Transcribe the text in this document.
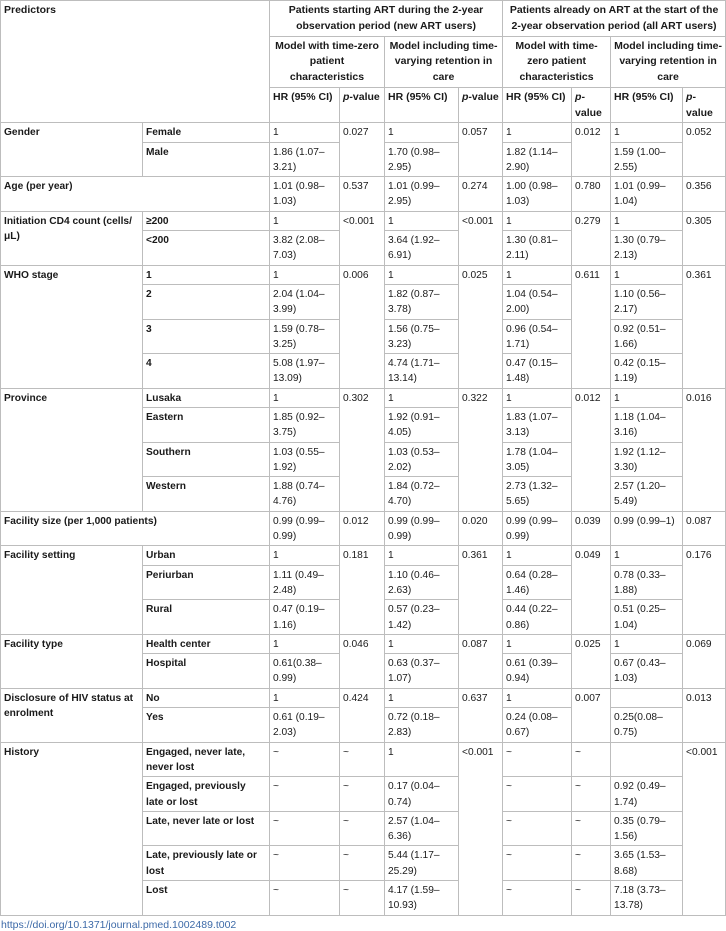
Predictors		Patients starting ART during the 2-year observation period (new ART users)				Patients already on ART at the start of the 2-year observation period (all ART users)			
		Model with time-zero patient characteristics		Model including time-varying retention in care		Model with time-zero patient characteristics		Model including time-varying retention in care	
		HR (95% CI)	p-value	HR (95% CI)	p-value	HR (95% CI)	p-value	HR (95% CI)	p-value
Gender	Female	1	0.027	1	0.057	1	0.012	1	0.052
	Male	1.86 (1.07–3.21)		1.70 (0.98–2.95)		1.82 (1.14–2.90)		1.59 (1.00–2.55)	
Age (per year)		1.01 (0.98–1.03)	0.537	1.01 (0.99–2.95)	0.274	1.00 (0.98–1.03)	0.780	1.01 (0.99–1.04)	0.356
Initiation CD4 count (cells/μL)	≥200	1	<0.001	1	<0.001	1	0.279	1	0.305
	<200	3.82 (2.08–7.03)		3.64 (1.92–6.91)		1.30 (0.81–2.11)		1.30 (0.79–2.13)	
WHO stage	1	1	0.006	1	0.025	1	0.611	1	0.361
	2	2.04 (1.04–3.99)		1.82 (0.87–3.78)		1.04 (0.54–2.00)		1.10 (0.56–2.17)	
	3	1.59 (0.78–3.25)		1.56 (0.75–3.23)		0.96 (0.54–1.71)		0.92 (0.51–1.66)	
	4	5.08 (1.97–13.09)		4.74 (1.71–13.14)		0.47 (0.15–1.48)		0.42 (0.15–1.19)	
Province	Lusaka	1	0.302	1	0.322	1	0.012	1	0.016
	Eastern	1.85 (0.92–3.75)		1.92 (0.91–4.05)		1.83 (1.07–3.13)		1.18 (1.04–3.16)	
	Southern	1.03 (0.55–1.92)		1.03 (0.53–2.02)		1.78 (1.04–3.05)		1.92 (1.12–3.30)	
	Western	1.88 (0.74–4.76)		1.84 (0.72–4.70)		2.73 (1.32–5.65)		2.57 (1.20–5.49)	
Facility size (per 1,000 patients)		0.99 (0.99–0.99)	0.012	0.99 (0.99–0.99)	0.020	0.99 (0.99–0.99)	0.039	0.99 (0.99–1)	0.087
Facility setting	Urban	1	0.181	1	0.361	1	0.049	1	0.176
	Periurban	1.11 (0.49–2.48)		1.10 (0.46–2.63)		0.64 (0.28–1.46)		0.78 (0.33–1.88)	
	Rural	0.47 (0.19–1.16)		0.57 (0.23–1.42)		0.44 (0.22–0.86)		0.51 (0.25–1.04)	
Facility type	Health center	1	0.046	1	0.087	1	0.025	1	0.069
	Hospital	0.61(0.38–0.99)		0.63 (0.37–1.07)		0.61 (0.39–0.94)		0.67 (0.43–1.03)	
Disclosure of HIV status at enrolment	No	1	0.424	1	0.637	1	0.007		0.013
	Yes	0.61 (0.19–2.03)		0.72 (0.18–2.83)		0.24 (0.08–0.67)		0.25(0.08–0.75)	
History	Engaged, never late, never lost	~	~	1	<0.001	~	~		<0.001
	Engaged, previously late or lost	~	~	0.17 (0.04–0.74)		~	~	0.92 (0.49–1.74)	
	Late, never late or lost	~	~	2.57 (1.04–6.36)		~	~	0.35 (0.79–1.56)	
	Late, previously late or lost	~	~	5.44 (1.17–25.29)		~	~	3.65 (1.53–8.68)	
	Lost	~	~	4.17 (1.59–10.93)		~	~	7.18 (3.73–13.78)	
https://doi.org/10.1371/journal.pmed.1002489.t002
